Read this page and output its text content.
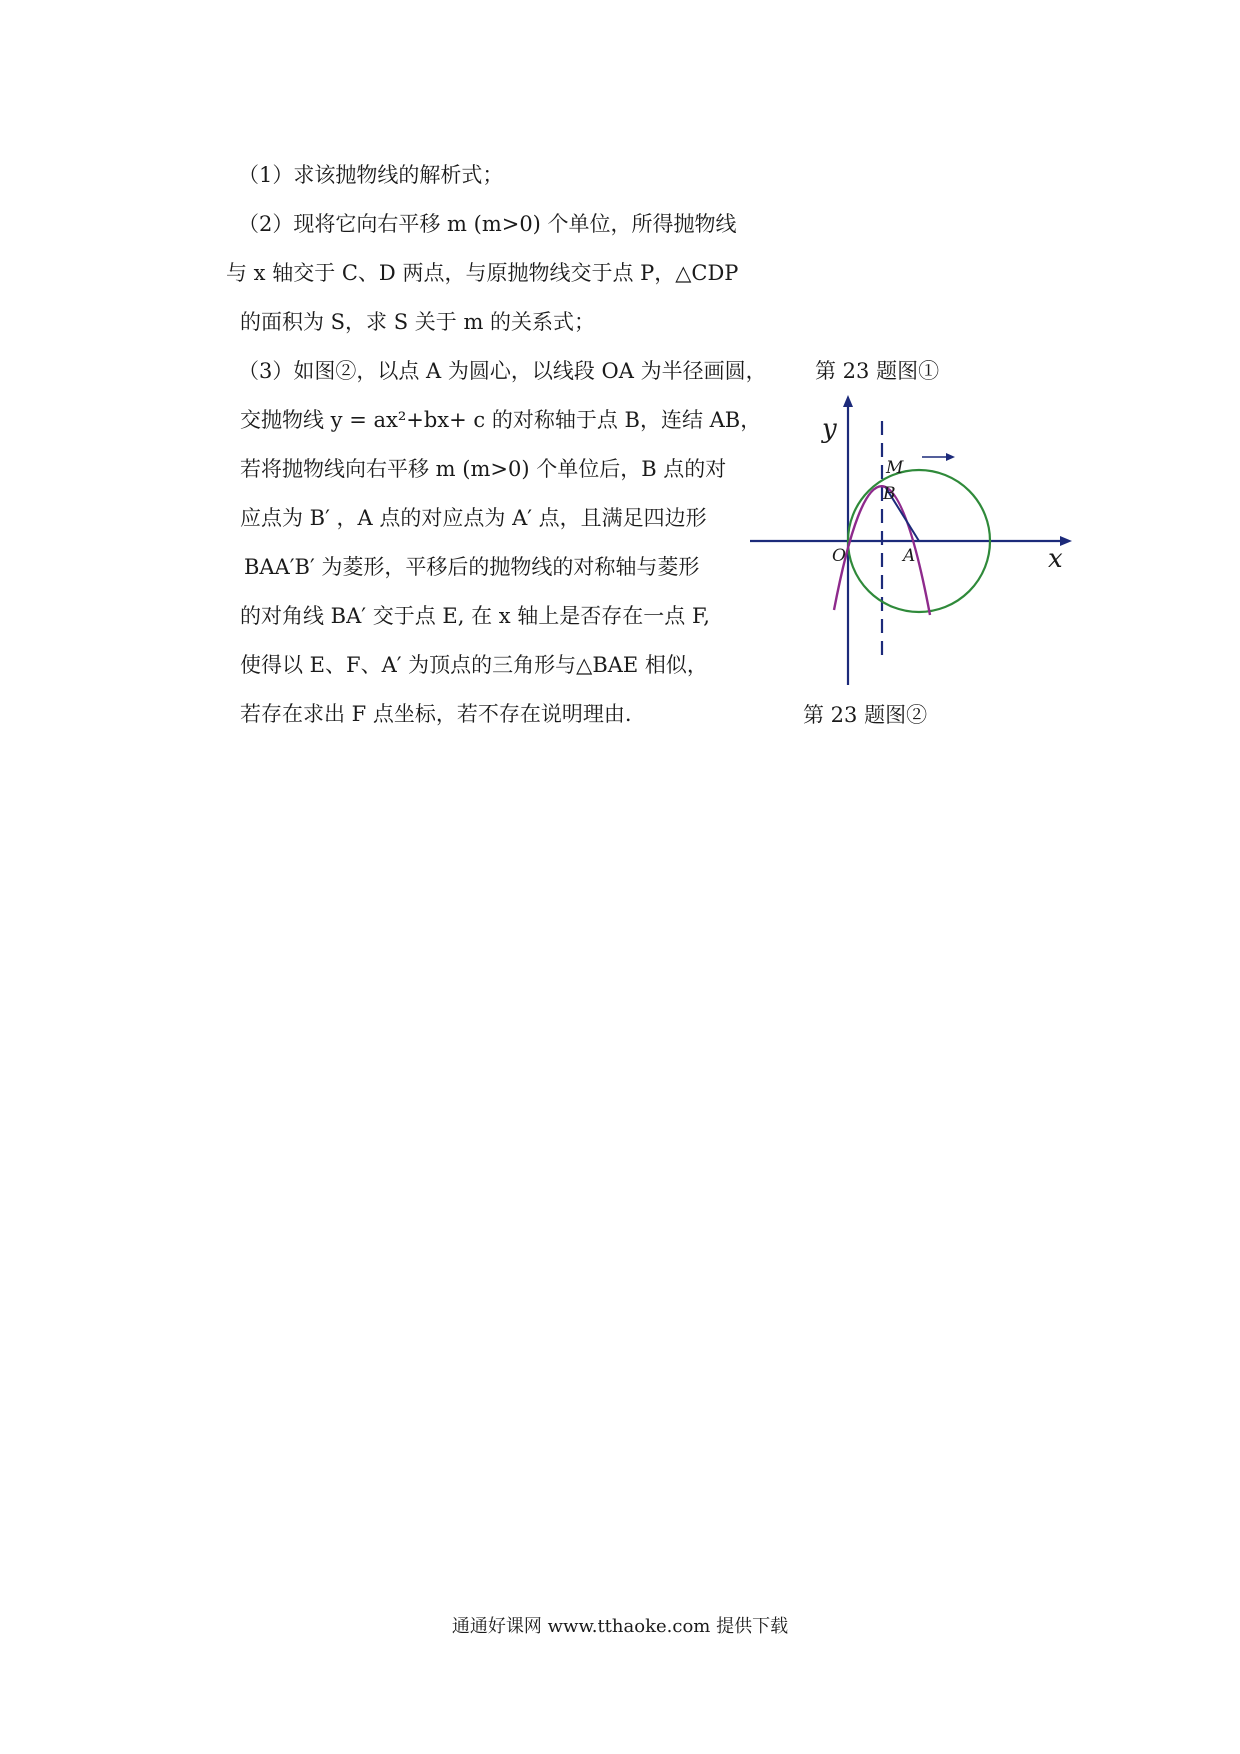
（1）求该抛物线的解析式；
（2）现将它向右平移 m (m>0) 个单位，所得抛物线
与 x 轴交于 C、D 两点，与原抛物线交于点 P，△CDP
的面积为 S，求 S 关于 m 的关系式；
（3）如图②，以点 A 为圆心，以线段 OA 为半径画圆，
交抛物线 y = ax²+bx+ c 的对称轴于点 B，连结 AB，
若将抛物线向右平移 m (m>0) 个单位后，B 点的对
应点为 B′ ，A 点的对应点为 A′ 点，且满足四边形
BAA′B′ 为菱形，平移后的抛物线的对称轴与菱形
的对角线 BA′ 交于点 E, 在 x 轴上是否存在一点 F,
使得以 E、F、A′ 为顶点的三角形与△BAE 相似，
若存在求出 F 点坐标，若不存在说明理由.
第 23 题图①
第 23 题图②
y
x
O	A
M
B
通通好课网 www.tthaoke.com 提供下载
